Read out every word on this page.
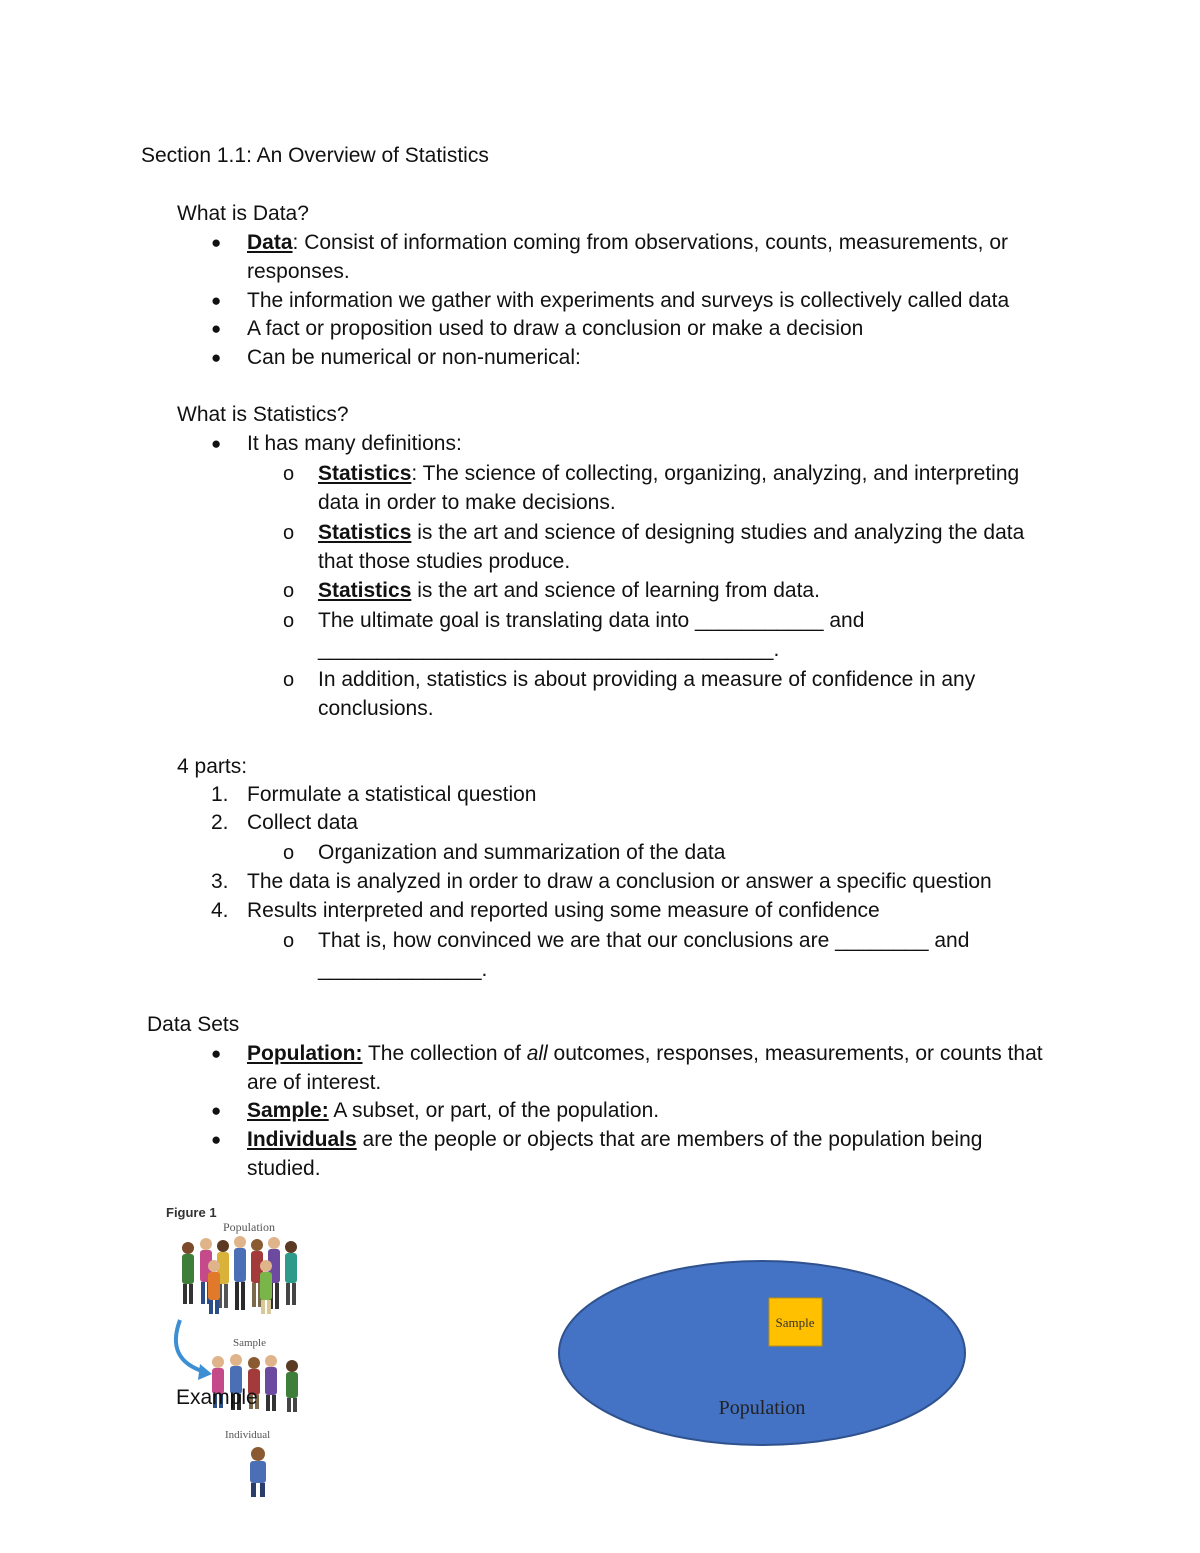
Section 1.1: An Overview of Statistics
What is Data?
● Data: Consist of information coming from observations, counts, measurements, or
responses.
● The information we gather with experiments and surveys is collectively called data
● A fact or proposition used to draw a conclusion or make a decision
● Can be numerical or non-numerical:
What is Statistics?
● It has many definitions:
o Statistics: The science of collecting, organizing, analyzing, and interpreting
data in order to make decisions.
o Statistics is the art and science of designing studies and analyzing the data
that those studies produce.
o Statistics is the art and science of learning from data.
o The ultimate goal is translating data into ___________ and
_______________________________________.
o In addition, statistics is about providing a measure of confidence in any
conclusions.
4 parts:
1. Formulate a statistical question
2. Collect data
o Organization and summarization of the data
3. The data is analyzed in order to draw a conclusion or answer a specific question
4. Results interpreted and reported using some measure of confidence
o That is, how convinced we are that our conclusions are ________ and
______________.
Data Sets
● Population: The collection of all outcomes, responses, measurements, or counts that
are of interest.
● Sample: A subset, or part, of the population.
● Individuals are the people or objects that are members of the population being
studied.
Figure 1
Population
Sample
Example
Individual
Sample
Population
